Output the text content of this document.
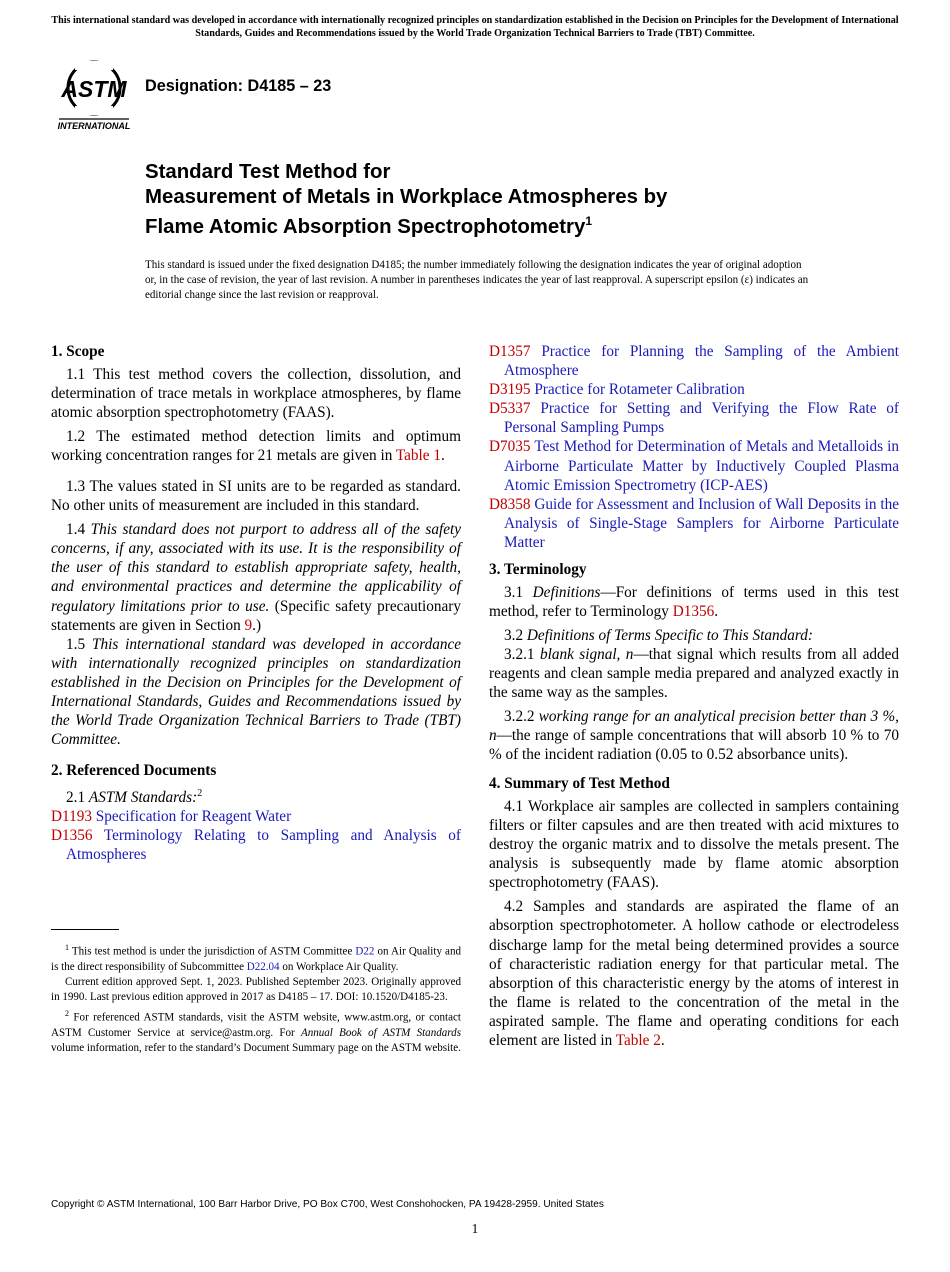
This international standard was developed in accordance with internationally recognized principles on standardization established in the Decision on Principles for the Development of International Standards, Guides and Recommendations issued by the World Trade Organization Technical Barriers to Trade (TBT) Committee.
ASTM
INTERNATIONAL
Designation: D4185 – 23
Standard Test Method for
Measurement of Metals in Workplace Atmospheres by
Flame Atomic Absorption Spectrophotometry$^1$

This standard is issued under the fixed designation D4185; the number immediately following the designation indicates the year of original adoption or, in the case of revision, the year of last revision. A number in parentheses indicates the year of last reapproval. A superscript epsilon (ε) indicates an editorial change since the last revision or reapproval.

1. Scope

1.1 This test method covers the collection, dissolution, and determination of trace metals in workplace atmospheres, by flame atomic absorption spectrophotometry (FAAS).

1.2 The estimated method detection limits and optimum working concentration ranges for 21 metals are given in Table 1.

1.3 The values stated in SI units are to be regarded as standard. No other units of measurement are included in this standard.

1.4 This standard does not purport to address all of the safety concerns, if any, associated with its use. It is the responsibility of the user of this standard to establish appropriate safety, health, and environmental practices and determine the applicability of regulatory limitations prior to use. (Specific safety precautionary statements are given in Section 9.)

1.5 This international standard was developed in accordance with internationally recognized principles on standardization established in the Decision on Principles for the Development of International Standards, Guides and Recommendations issued by the World Trade Organization Technical Barriers to Trade (TBT) Committee.

2. Referenced Documents

2.1 ASTM Standards:$^2$

D1193 Specification for Reagent Water

D1356 Terminology Relating to Sampling and Analysis of Atmospheres

$^1$ This test method is under the jurisdiction of ASTM Committee D22 on Air Quality and is the direct responsibility of Subcommittee D22.04 on Workplace Air Quality.

Current edition approved Sept. 1, 2023. Published September 2023. Originally approved in 1990. Last previous edition approved in 2017 as D4185 – 17. DOI: 10.1520/D4185-23.

$^2$ For referenced ASTM standards, visit the ASTM website, www.astm.org, or contact ASTM Customer Service at service@astm.org. For Annual Book of ASTM Standards volume information, refer to the standard’s Document Summary page on the ASTM website.

D1357 Practice for Planning the Sampling of the Ambient Atmosphere

D3195 Practice for Rotameter Calibration

D5337 Practice for Setting and Verifying the Flow Rate of Personal Sampling Pumps

D7035 Test Method for Determination of Metals and Metalloids in Airborne Particulate Matter by Inductively Coupled Plasma Atomic Emission Spectrometry (ICP-AES)

D8358 Guide for Assessment and Inclusion of Wall Deposits in the Analysis of Single-Stage Samplers for Airborne Particulate Matter

3. Terminology

3.1 Definitions—For definitions of terms used in this test method, refer to Terminology D1356.

3.2 Definitions of Terms Specific to This Standard:

3.2.1 blank signal, n—that signal which results from all added reagents and clean sample media prepared and analyzed exactly in the same way as the samples.

3.2.2 working range for an analytical precision better than 3 %, n—the range of sample concentrations that will absorb 10 % to 70 % of the incident radiation (0.05 to 0.52 absorbance units).

4. Summary of Test Method

4.1 Workplace air samples are collected in samplers containing filters or filter capsules and are then treated with acid mixtures to destroy the organic matrix and to dissolve the metals present. The analysis is subsequently made by flame atomic absorption spectrophotometry (FAAS).

4.2 Samples and standards are aspirated the flame of an absorption spectrophotometer. A hollow cathode or electrodeless discharge lamp for the metal being determined provides a source of characteristic radiation energy for that particular metal. The absorption of this characteristic energy by the atoms of interest in the flame is related to the concentration of the metal in the aspirated sample. The flame and operating conditions for each element are listed in Table 2.

Copyright © ASTM International, 100 Barr Harbor Drive, PO Box C700, West Conshohocken, PA 19428-2959. United States
1
